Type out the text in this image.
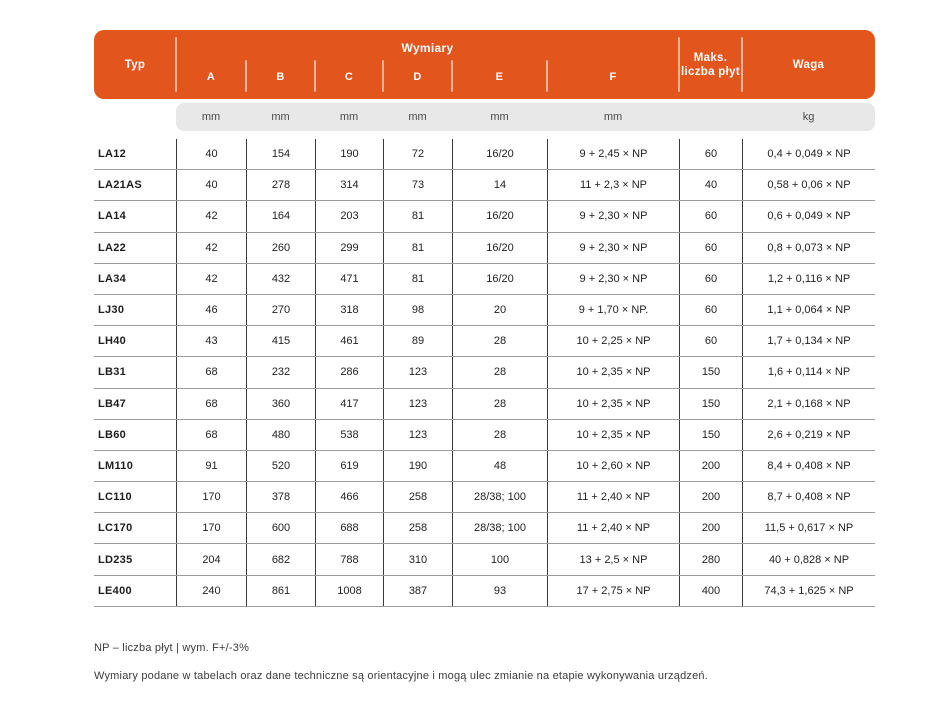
Typ
Wymiary
A	B	C	D	E	F
Maks.
liczba płyt
Waga
mm	mm	mm	mm	mm	mm	kg
LA12	40	154	190	72	16/20	9 + 2,45 × NP	60	0,4 + 0,049 × NP
LA21AS	40	278	314	73	14	11 + 2,3 × NP	40	0,58 + 0,06 × NP
LA14	42	164	203	81	16/20	9 + 2,30 × NP	60	0,6 + 0,049 × NP
LA22	42	260	299	81	16/20	9 + 2,30 × NP	60	0,8 + 0,073 × NP
LA34	42	432	471	81	16/20	9 + 2,30 × NP	60	1,2 + 0,116 × NP
LJ30	46	270	318	98	20	9 + 1,70 × NP.	60	1,1 + 0,064 × NP
LH40	43	415	461	89	28	10 + 2,25 × NP	60	1,7 + 0,134 × NP
LB31	68	232	286	123	28	10 + 2,35 × NP	150	1,6 + 0,114 × NP
LB47	68	360	417	123	28	10 + 2,35 × NP	150	2,1 + 0,168 × NP
LB60	68	480	538	123	28	10 + 2,35 × NP	150	2,6 + 0,219 × NP
LM110	91	520	619	190	48	10 + 2,60 × NP	200	8,4 + 0,408 × NP
LC110	170	378	466	258	28/38; 100	11 + 2,40 × NP	200	8,7 + 0,408 × NP
LC170	170	600	688	258	28/38; 100	11 + 2,40 × NP	200	11,5 + 0,617 × NP
LD235	204	682	788	310	100	13 + 2,5 × NP	280	40 + 0,828 × NP
LE400	240	861	1008	387	93	17 + 2,75 × NP	400	74,3 + 1,625 × NP
NP – liczba płyt | wym. F+/-3%
Wymiary podane w tabelach oraz dane techniczne są orientacyjne i mogą ulec zmianie na etapie wykonywania urządzeń.
